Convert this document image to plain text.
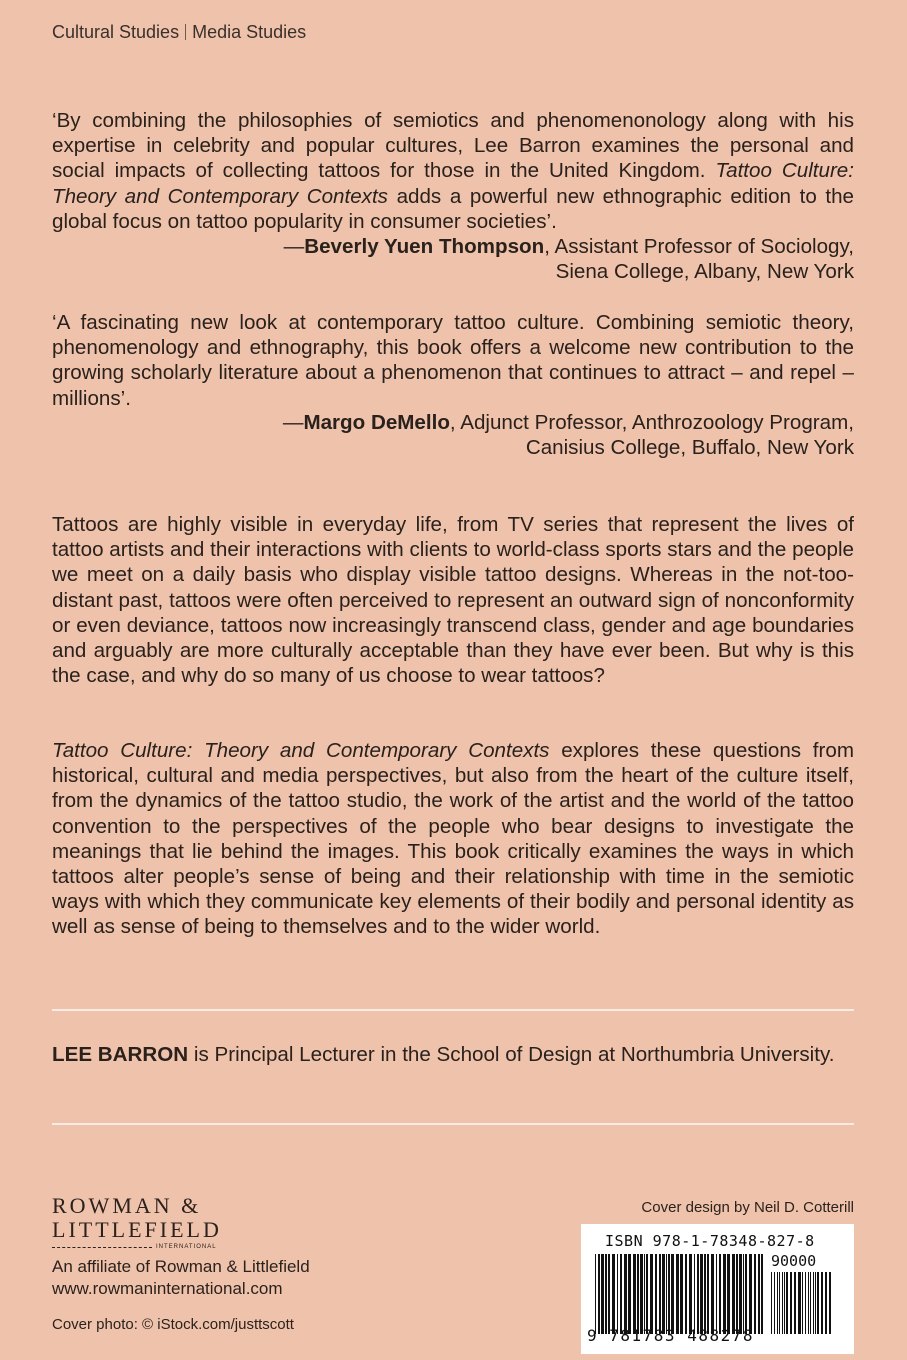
Cultural Studies Media Studies
‘By combining the philosophies of semiotics and phenomenonology along with his expertise in celebrity and popular cultures, Lee Barron examines the personal and social impacts of collecting tattoos for those in the United Kingdom. Tattoo Culture: Theory and Contemporary Contexts adds a powerful new ethnographic edition to the global focus on tattoo popularity in consumer societies’.
—Beverly Yuen Thompson, Assistant Professor of Sociology,
Siena College, Albany, New York
‘A fascinating new look at contemporary tattoo culture. Combining semiotic theory, phenomenology and ethnography, this book offers a welcome new contribution to the growing scholarly literature about a phenomenon that continues to attract – and repel – millions’.
—Margo DeMello, Adjunct Professor, Anthrozoology Program,
Canisius College, Buffalo, New York
Tattoos are highly visible in everyday life, from TV series that represent the lives of tattoo artists and their interactions with clients to world-class sports stars and the people we meet on a daily basis who display visible tattoo designs. Whereas in the not-too-distant past, tattoos were often perceived to represent an outward sign of nonconformity or even deviance, tattoos now increasingly transcend class, gender and age boundaries and arguably are more culturally acceptable than they have ever been. But why is this the case, and why do so many of us choose to wear tattoos?
Tattoo Culture: Theory and Contemporary Contexts explores these questions from historical, cultural and media perspectives, but also from the heart of the culture itself, from the dynamics of the tattoo studio, the work of the artist and the world of the tattoo convention to the perspectives of the people who bear designs to investigate the meanings that lie behind the images. This book critically examines the ways in which tattoos alter people’s sense of being and their relationship with time in the semiotic ways with which they communicate key elements of their bodily and personal identity as well as sense of being to themselves and to the wider world.
LEE BARRON is Principal Lecturer in the School of Design at Northumbria University.
ROWMAN &
LITTLEFIELD
INTERNATIONAL
An affiliate of Rowman & Littlefield
www.rowmaninternational.com
Cover photo: © iStock.com/justtscott
Cover design by Neil D. Cotterill
ISBN 978-1-78348-827-8
90000
9 781783 488278
